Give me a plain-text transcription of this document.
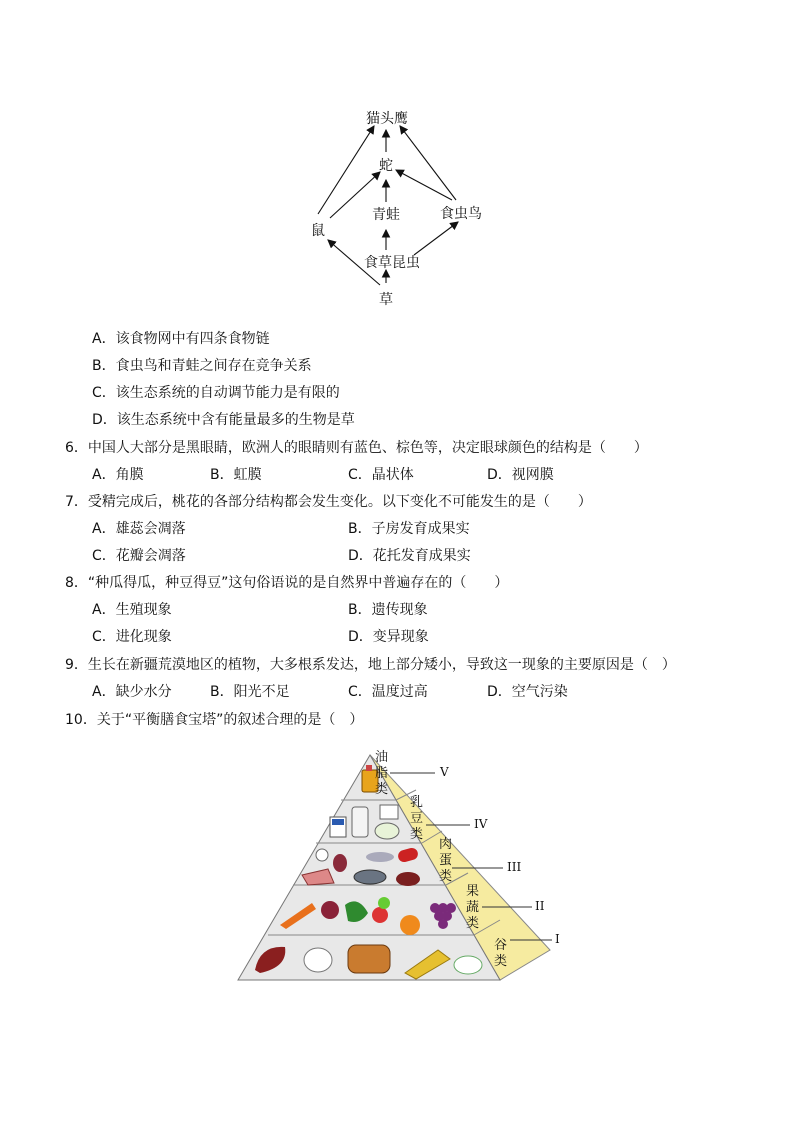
猫头鹰
蛇
青蛙	食虫鸟
鼠
食草昆虫
草
A．该食物网中有四条食物链
B．食虫鸟和青蛙之间存在竞争关系
C．该生态系统的自动调节能力是有限的
D．该生态系统中含有能量最多的生物是草
6．中国人大部分是黑眼睛，欧洲人的眼睛则有蓝色、棕色等，决定眼球颜色的结构是（　　）
A．角膜	B．虹膜	C．晶状体	D．视网膜
7．受精完成后，桃花的各部分结构都会发生变化。以下变化不可能发生的是（　　）
A．雄蕊会凋落	B．子房发育成果实
C．花瓣会凋落	D．花托发育成果实
8．“种瓜得瓜，种豆得豆”这句俗语说的是自然界中普遍存在的（　　）
A．生殖现象	B．遗传现象
C．进化现象	D．变异现象
9．生长在新疆荒漠地区的植物，大多根系发达，地上部分矮小，导致这一现象的主要原因是（　）
A．缺少水分	B．阳光不足	C．温度过高	D．空气污染
10．关于“平衡膳食宝塔”的叙述合理的是（　）
油脂类
乳豆类
肉蛋类
果蔬类
谷类
V
IV
III
II
I
